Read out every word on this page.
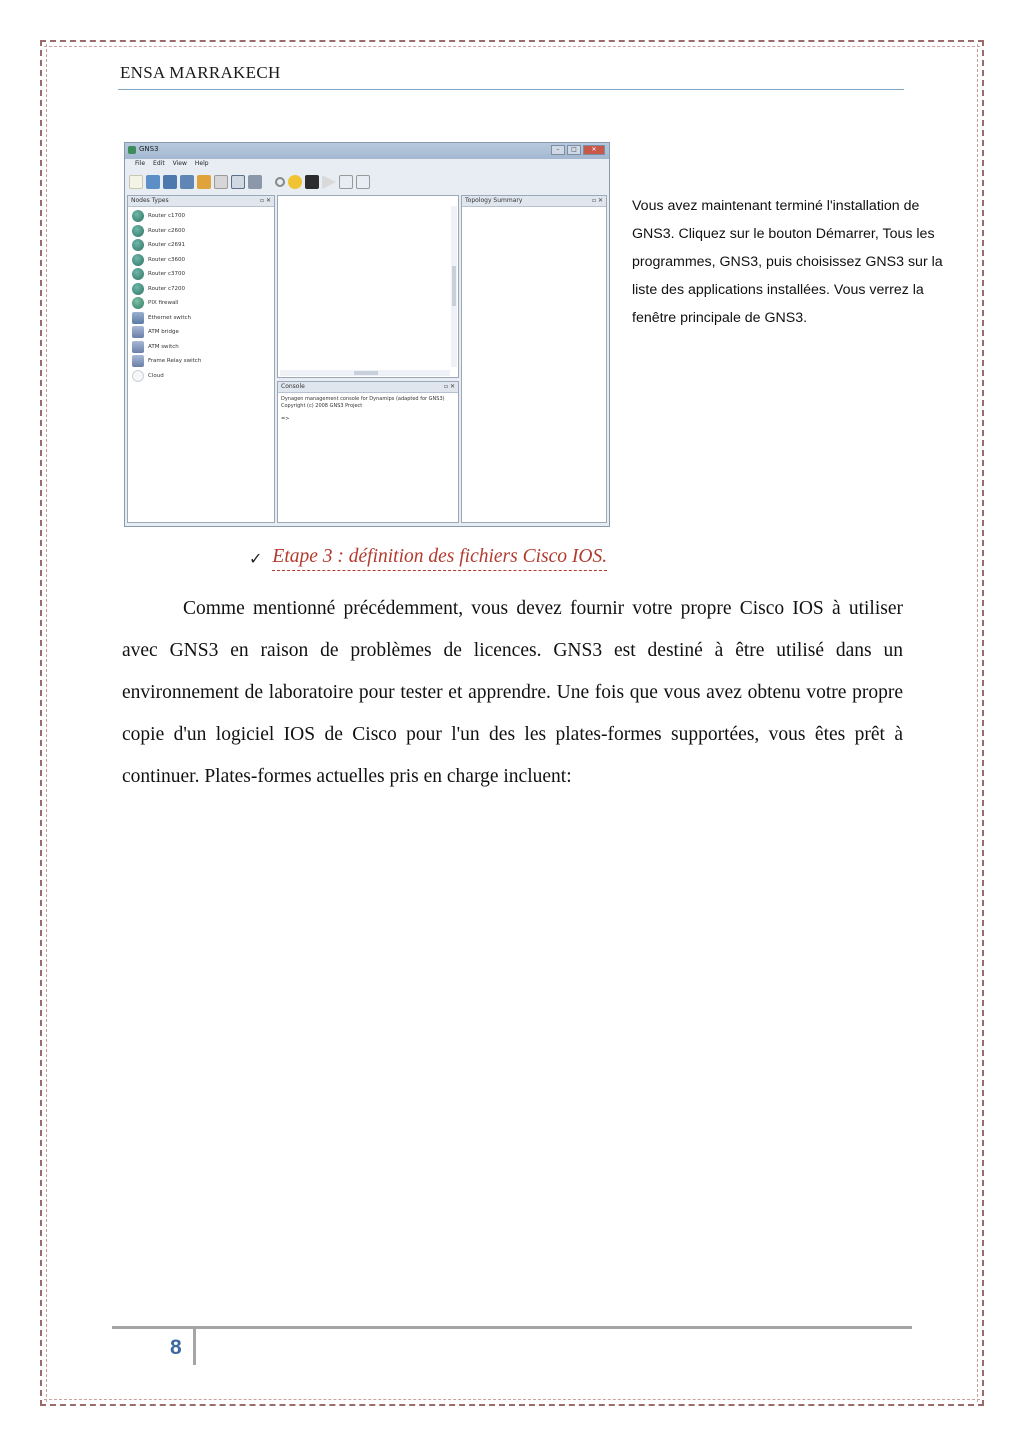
ENSA MARRAKECH
GNS3	–	□	✕
File Edit View Help
Nodes Types	▫ ✕
Router c1700
Router c2600
Router c2691
Router c3600
Router c3700
Router c7200
PIX firewall
Ethernet switch
ATM bridge
ATM switch
Frame Relay switch
Cloud
Console	▫ ✕
Dynagen management console for Dynamips (adapted for GNS3)
Copyright (c) 2008 GNS3 Project
=>
Topology Summary	▫ ✕ Vous avez maintenant terminé l'installation de GNS3. Cliquez sur le bouton Démarrer, Tous les programmes, GNS3, puis choisissez GNS3 sur la liste des applications installées. Vous verrez la fenêtre principale de GNS3.
✓ Etape 3 : définition des fichiers Cisco IOS.

Comme mentionné précédemment, vous devez fournir votre propre Cisco IOS à utiliser avec GNS3 en raison de problèmes de licences. GNS3 est destiné à être utilisé dans un environnement de laboratoire pour tester et apprendre. Une fois que vous avez obtenu votre propre copie d'un logiciel IOS de Cisco pour l'un des les plates-formes supportées, vous êtes prêt à continuer. Plates-formes actuelles pris en charge incluent:

8
